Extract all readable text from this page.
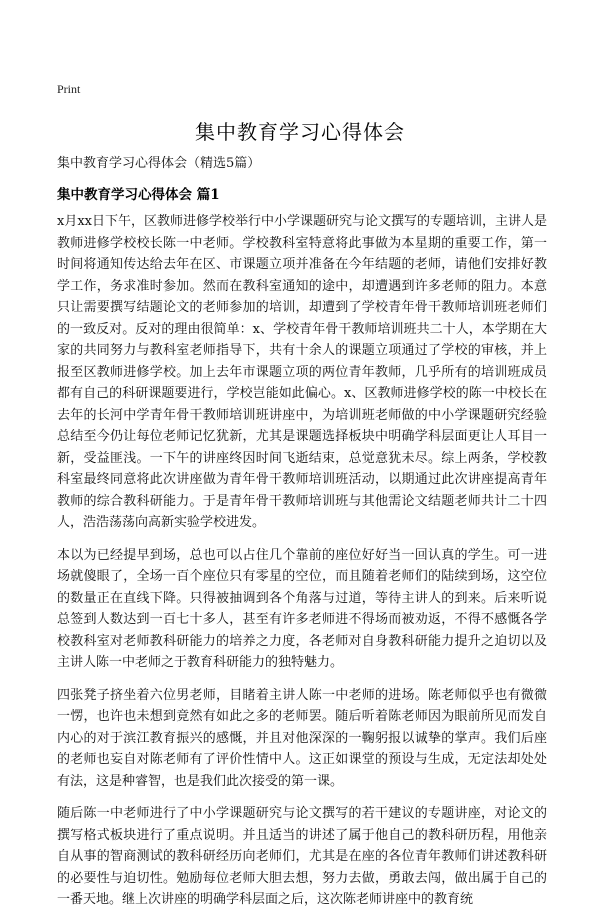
Print
集中教育学习心得体会
集中教育学习心得体会（精选5篇）
集中教育学习心得体会 篇1

x月xx日下午，区教师进修学校举行中小学课题研究与论文撰写的专题培训，主讲人是教师进修学校校长陈一中老师。学校教科室特意将此事做为本星期的重要工作，第一时间将通知传达给去年在区、市课题立项并准备在今年结题的老师，请他们安排好教学工作，务求准时参加。然而在教科室通知的途中，却遭遇到许多老师的阻力。本意只让需要撰写结题论文的老师参加的培训，却遭到了学校青年骨干教师培训班老师们的一致反对。反对的理由很简单：x、学校青年骨干教师培训班共二十人，本学期在大家的共同努力与教科室老师指导下，共有十余人的课题立项通过了学校的审核，并上报至区教师进修学校。加上去年市课题立项的两位青年教师，几乎所有的培训班成员都有自己的科研课题要进行，学校岂能如此偏心。x、区教师进修学校的陈一中校长在去年的长河中学青年骨干教师培训班讲座中，为培训班老师做的中小学课题研究经验总结至今仍让每位老师记忆犹新，尤其是课题选择板块中明确学科层面更让人耳目一新，受益匪浅。一下午的讲座终因时间飞逝结束，总觉意犹未尽。综上两条，学校教科室最终同意将此次讲座做为青年骨干教师培训班活动，以期通过此次讲座提高青年教师的综合教科研能力。于是青年骨干教师培训班与其他需论文结题老师共计二十四人，浩浩荡荡向高新实验学校进发。

本以为已经提早到场，总也可以占住几个靠前的座位好好当一回认真的学生。可一进场就傻眼了，全场一百个座位只有零星的空位，而且随着老师们的陆续到场，这空位的数量正在直线下降。只得被抽调到各个角落与过道，等待主讲人的到来。后来听说总签到人数达到一百七十多人，甚至有许多老师进不得场而被劝返，不得不感慨各学校教科室对老师教科研能力的培养之力度，各老师对自身教科研能力提升之迫切以及主讲人陈一中老师之于教育科研能力的独特魅力。

四张凳子挤坐着六位男老师，目睹着主讲人陈一中老师的进场。陈老师似乎也有微微一愣，也许也未想到竟然有如此之多的老师罢。随后听着陈老师因为眼前所见而发自内心的对于滨江教育振兴的感慨，并且对他深深的一鞠躬报以诚挚的掌声。我们后座的老师也妄自对陈老师有了评价性情中人。这正如课堂的预设与生成，无定法却处处有法，这是种睿智，也是我们此次接受的第一课。

随后陈一中老师进行了中小学课题研究与论文撰写的若干建议的专题讲座，对论文的撰写格式板块进行了重点说明。并且适当的讲述了属于他自己的教科研历程，用他亲自从事的智商测试的教科研经历向老师们，尤其是在座的各位青年教师们讲述教科研的必要性与迫切性。勉励每位老师大胆去想，努力去做，勇敢去闯，做出属于自己的一番天地。继上次讲座的明确学科层面之后，这次陈老师讲座中的教育统
